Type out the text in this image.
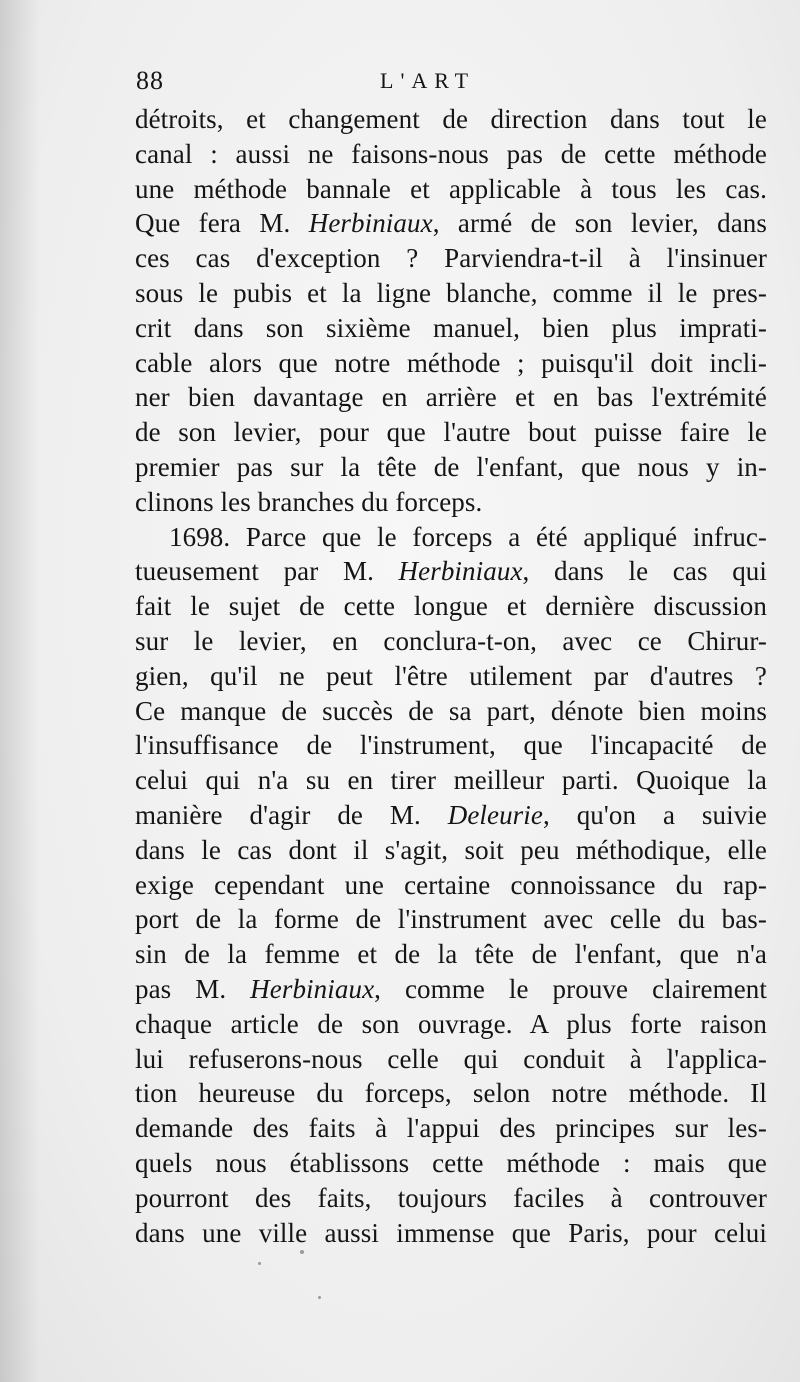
88	L'ART
détroits, et changement de direction dans tout le
canal : aussi ne faisons-nous pas de cette méthode
une méthode bannale et applicable à tous les cas.
Que fera M. Herbiniaux, armé de son levier, dans
ces cas d'exception ? Parviendra-t-il à l'insinuer
sous le pubis et la ligne blanche, comme il le pres-
crit dans son sixième manuel, bien plus imprati-
cable alors que notre méthode ; puisqu'il doit incli-
ner bien davantage en arrière et en bas l'extrémité
de son levier, pour que l'autre bout puisse faire le
premier pas sur la tête de l'enfant, que nous y in-
clinons les branches du forceps.
1698. Parce que le forceps a été appliqué infruc-
tueusement par M. Herbiniaux, dans le cas qui
fait le sujet de cette longue et dernière discussion
sur le levier, en conclura-t-on, avec ce Chirur-
gien, qu'il ne peut l'être utilement par d'autres ?
Ce manque de succès de sa part, dénote bien moins
l'insuffisance de l'instrument, que l'incapacité de
celui qui n'a su en tirer meilleur parti. Quoique la
manière d'agir de M. Deleurie, qu'on a suivie
dans le cas dont il s'agit, soit peu méthodique, elle
exige cependant une certaine connoissance du rap-
port de la forme de l'instrument avec celle du bas-
sin de la femme et de la tête de l'enfant, que n'a
pas M. Herbiniaux, comme le prouve clairement
chaque article de son ouvrage. A plus forte raison
lui refuserons-nous celle qui conduit à l'applica-
tion heureuse du forceps, selon notre méthode. Il
demande des faits à l'appui des principes sur les-
quels nous établissons cette méthode : mais que
pourront des faits, toujours faciles à controuver
dans une ville aussi immense que Paris, pour celui
